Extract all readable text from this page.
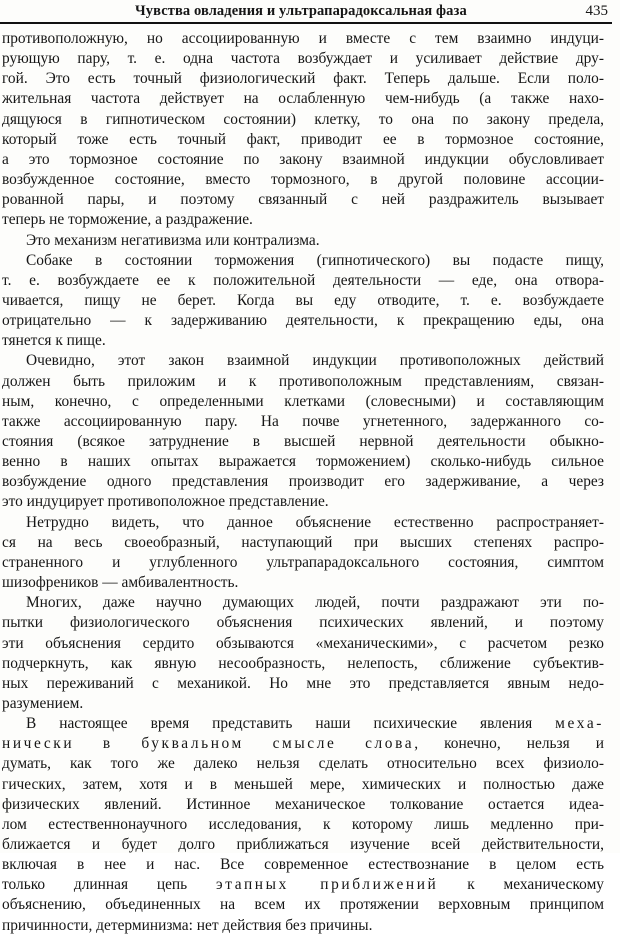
Чувства овладения и ультрапарадоксальная фаза	435
противоположную, но ассоциированную и вместе с тем взаимно индуци-
рующую пару, т. е. одна частота возбуждает и усиливает действие дру-
гой. Это есть точный физиологический факт. Теперь дальше. Если поло-
жительная частота действует на ослабленную чем-нибудь (а также нахо-
дящуюся в гипнотическом состоянии) клетку, то она по закону предела,
который тоже есть точный факт, приводит ее в тормозное состояние,
а это тормозное состояние по закону взаимной индукции обусловливает
возбужденное состояние, вместо тормозного, в другой половине ассоции-
рованной пары, и поэтому связанный с ней раздражитель вызывает
теперь не торможение, а раздражение.
Это механизм негативизма или контрализма.
Собаке в состоянии торможения (гипнотического) вы подасте пищу,
т. е. возбуждаете ее к положительной деятельности — еде, она отвора-
чивается, пищу не берет. Когда вы еду отводите, т. е. возбуждаете
отрицательно — к задерживанию деятельности, к прекращению еды, она
тянется к пище.
Очевидно, этот закон взаимной индукции противоположных действий
должен быть приложим и к противоположным представлениям, связан-
ным, конечно, с определенными клетками (словесными) и составляющим
также ассоциированную пару. На почве угнетенного, задержанного со-
стояния (всякое затруднение в высшей нервной деятельности обыкно-
венно в наших опытах выражается торможением) сколько-нибудь сильное
возбуждение одного представления производит его задерживание, а через
это индуцирует противоположное представление.
Нетрудно видеть, что данное объяснение естественно распространяет-
ся на весь своеобразный, наступающий при высших степенях распро-
страненного и углубленного ультрапарадоксального состояния, симптом
шизофреников — амбивалентность.
Многих, даже научно думающих людей, почти раздражают эти по-
пытки физиологического объяснения психических явлений, и поэтому
эти объяснения сердито обзываются «механическими», с расчетом резко
подчеркнуть, как явную несообразность, нелепость, сближение субъектив-
ных переживаний с механикой. Но мне это представляется явным недо-
разумением.
В настоящее время представить наши психические явления меха-
нически в буквальном смысле слова, конечно, нельзя и
думать, как того же далеко нельзя сделать относительно всех физиоло-
гических, затем, хотя и в меньшей мере, химических и полностью даже
физических явлений. Истинное механическое толкование остается идеа-
лом естественнонаучного исследования, к которому лишь медленно при-
ближается и будет долго приближаться изучение всей действительности,
включая в нее и нас. Все современное естествознание в целом есть
только длинная цепь этапных приближений к механическому
объяснению, объединенных на всем их протяжении верховным принципом
причинности, детерминизма: нет действия без причины.
